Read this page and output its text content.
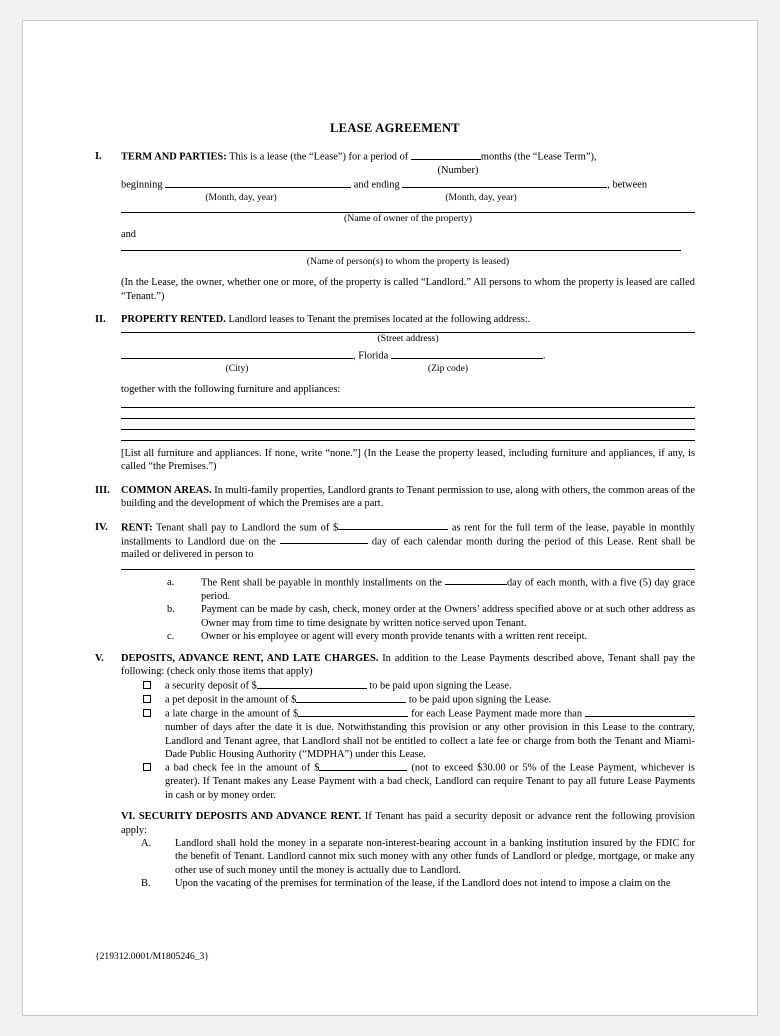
LEASE AGREEMENT
I. TERM AND PARTIES: This is a lease (the “Lease”) for a period of	months (the “Lease Term”),
(Number)
beginning	and ending	, between
(Month, day, year)	(Month, day, year)
(Name of owner of the property)
and
(Name of person(s) to whom the property is leased)
(In the Lease, the owner, whether one or more, of the property is called “Landlord.” All persons to whom the property is leased are called “Tenant.”)
II. PROPERTY RENTED. Landlord leases to Tenant the premises located at the following address:.
(Street address)
, Florida	.
(City)	(Zip code)
together with the following furniture and appliances:
[List all furniture and appliances. If none, write “none.”] (In the Lease the property leased, including furniture and appliances, if any, is called “the Premises.”)
III. COMMON AREAS. In multi-family properties, Landlord grants to Tenant permission to use, along with others, the common areas of the building and the development of which the Premises are a part.
IV. RENT: Tenant shall pay to Landlord the sum of $	as rent for the full term of the lease, payable in monthly installments to Landlord due on the	day of each calendar month during the period of this Lease. Rent shall be mailed or delivered in person to
a.	The Rent shall be payable in monthly installments on the	day of each month, with a five (5) day grace period.
b.	Payment can be made by cash, check, money order at the Owners’ address specified above or at such other address as Owner may from time to time designate by written notice served upon Tenant.
c.	Owner or his employee or agent will every month provide tenants with a written rent receipt.
V. DEPOSITS, ADVANCE RENT, AND LATE CHARGES. In addition to the Lease Payments described above, Tenant shall pay the following: (check only those items that apply)
a security deposit of $	to be paid upon signing the Lease.
a pet deposit in the amount of $	to be paid upon signing the Lease.
a late charge in the amount of $	for each Lease Payment made more than  number of days after the date it is due. Notwithstanding this provision or any other provision in this Lease to the contrary, Landlord and Tenant agree, that Landlord shall not be entitled to collect a late fee or charge from both the Tenant and Miami-Dade Public Housing Authority (“MDPHA”) under this Lease.
a bad check fee in the amount of $	(not to exceed $30.00 or 5% of the Lease Payment, whichever is greater). If Tenant makes any Lease Payment with a bad check, Landlord can require Tenant to pay all future Lease Payments in cash or by money order.
VI. SECURITY DEPOSITS AND ADVANCE RENT. If Tenant has paid a security deposit or advance rent the following provision apply:
A.	Landlord shall hold the money in a separate non-interest-bearing account in a banking institution insured by the FDIC for the benefit of Tenant. Landlord cannot mix such money with any other funds of Landlord or pledge, mortgage, or make any other use of such money until the money is actually due to Landlord.
B.	Upon the vacating of the premises for termination of the lease, if the Landlord does not intend to impose a claim on the
{219312.0001/M1805246_3}
